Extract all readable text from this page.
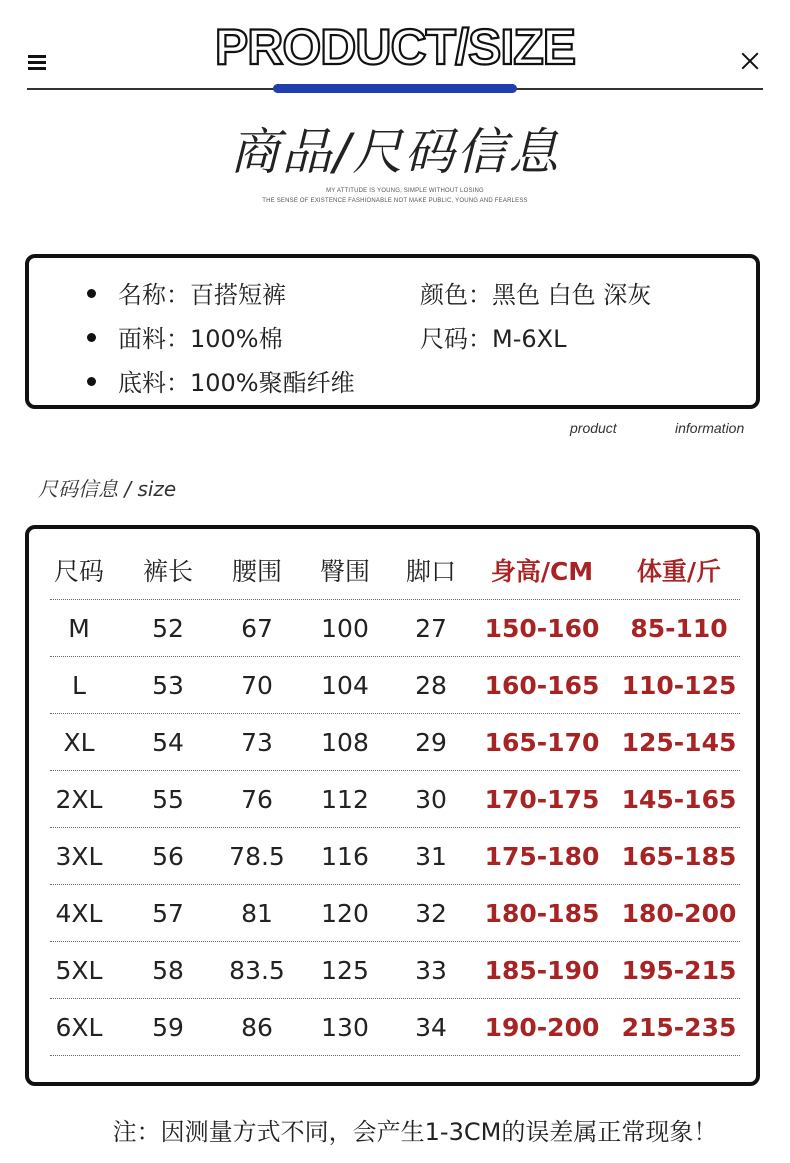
PRODUCT/SIZE
商品/尺码信息
MY ATTITUDE IS YOUNG, SIMPLE WITHOUT LOSING
THE SENSE OF EXISTENCE FASHIONABLE NOT MAKE PUBLIC, YOUNG AND FEARLESS
名称：百搭短裤	颜色：黑色 白色 深灰
面料：100%棉	尺码：M-6XL
底料：100%聚酯纤维
product	information
尺码信息 / size
尺码 裤长 腰围 臀围 脚口 身高/CM 体重/斤
M 52 67 100 27 150-160 85-110
L	53 70 104 28 160-165 110-125
XL 54 73 108 29 165-170 125-145
2XL 55 76 112 30 170-175 145-165
3XL 56 78.5 116 31 175-180 165-185
4XL 57 81 120 32 180-185 180-200
5XL 58 83.5 125 33 185-190 195-215
6XL 59 86 130 34 190-200 215-235
注：因测量方式不同，会产生1-3CM的误差属正常现象！
